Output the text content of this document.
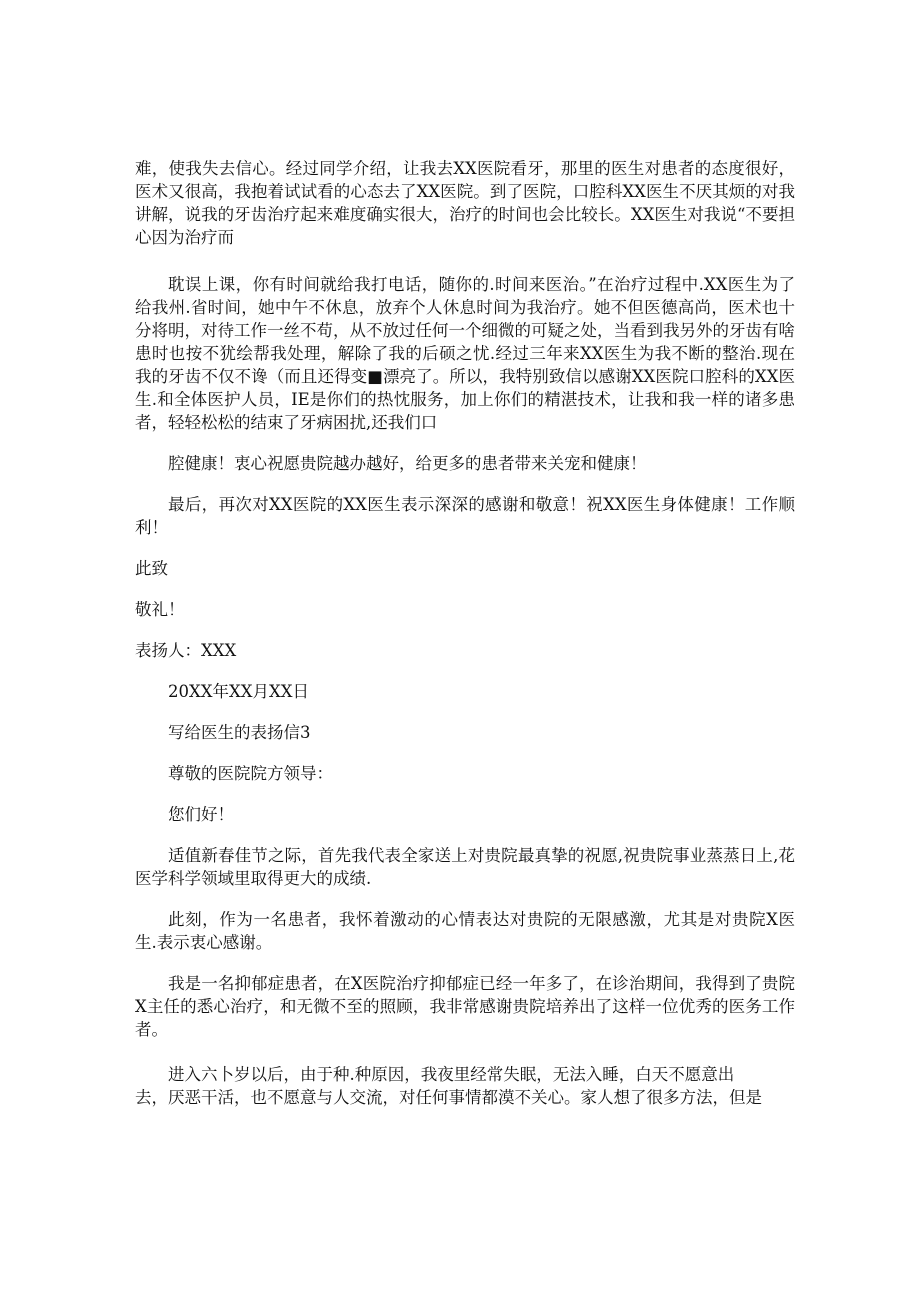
难，使我失去信心。经过同学介绍，让我去XX医院看牙，那里的医生对患者的态度很好，医术又很高，我抱着试试看的心态去了XX医院。到了医院，口腔科XX医生不厌其烦的对我讲解，说我的牙齿治疗起来难度确实很大，治疗的时间也会比较长。XX医生对我说“不要担心因为治疗而

耽误上课，你有时间就给我打电话，随你的.时间来医治。”在治疗过程中.XX医生为了给我州.省时间，她中午不休息，放弃个人休息时间为我治疗。她不但医德高尚，医术也十分将明，对待工作一丝不苟，从不放过任何一个细微的可疑之处，当看到我另外的牙齿有啥患时也按不犹绘帮我处理，解除了我的后硕之忧.经过三年来XX医生为我不断的整治.现在我的牙齿不仅不谗（而且还得变■漂亮了。所以，我特别致信以感谢XX医院口腔科的XX医生.和全体医护人员，IE是你们的热忱服务，加上你们的精湛技术，让我和我一样的诸多患者，轻轻松松的结束了牙病困扰,还我们口

腔健康！衷心祝愿贵院越办越好，给更多的患者带来关宠和健康！

最后，再次对XX医院的XX医生表示深深的感谢和敬意！祝XX医生身体健康！工作顺利！

此致

敬礼！

表扬人：XXX

20XX年XX月XX日

写给医生的表扬信3

尊敬的医院院方领导：

您们好！

适值新春佳节之际，首先我代表全家送上对贵院最真挚的祝愿,祝贵院事业蒸蒸日上,花医学科学领域里取得更大的成绩.

此刻，作为一名患者，我怀着激动的心情表达对贵院的无限感激，尤其是对贵院X医生.表示衷心感谢。

我是一名抑郁症患者，在X医院治疗抑郁症已经一年多了，在诊治期间，我得到了贵院X主任的悉心治疗，和无微不至的照顾，我非常感谢贵院培养出了这样一位优秀的医务工作者。

进入六卜岁以后，由于种.种原因，我夜里经常失眠，无法入睡，白天不愿意出

去，厌恶干活，也不愿意与人交流，对任何事情都漠不关心。家人想了很多方法，但是
